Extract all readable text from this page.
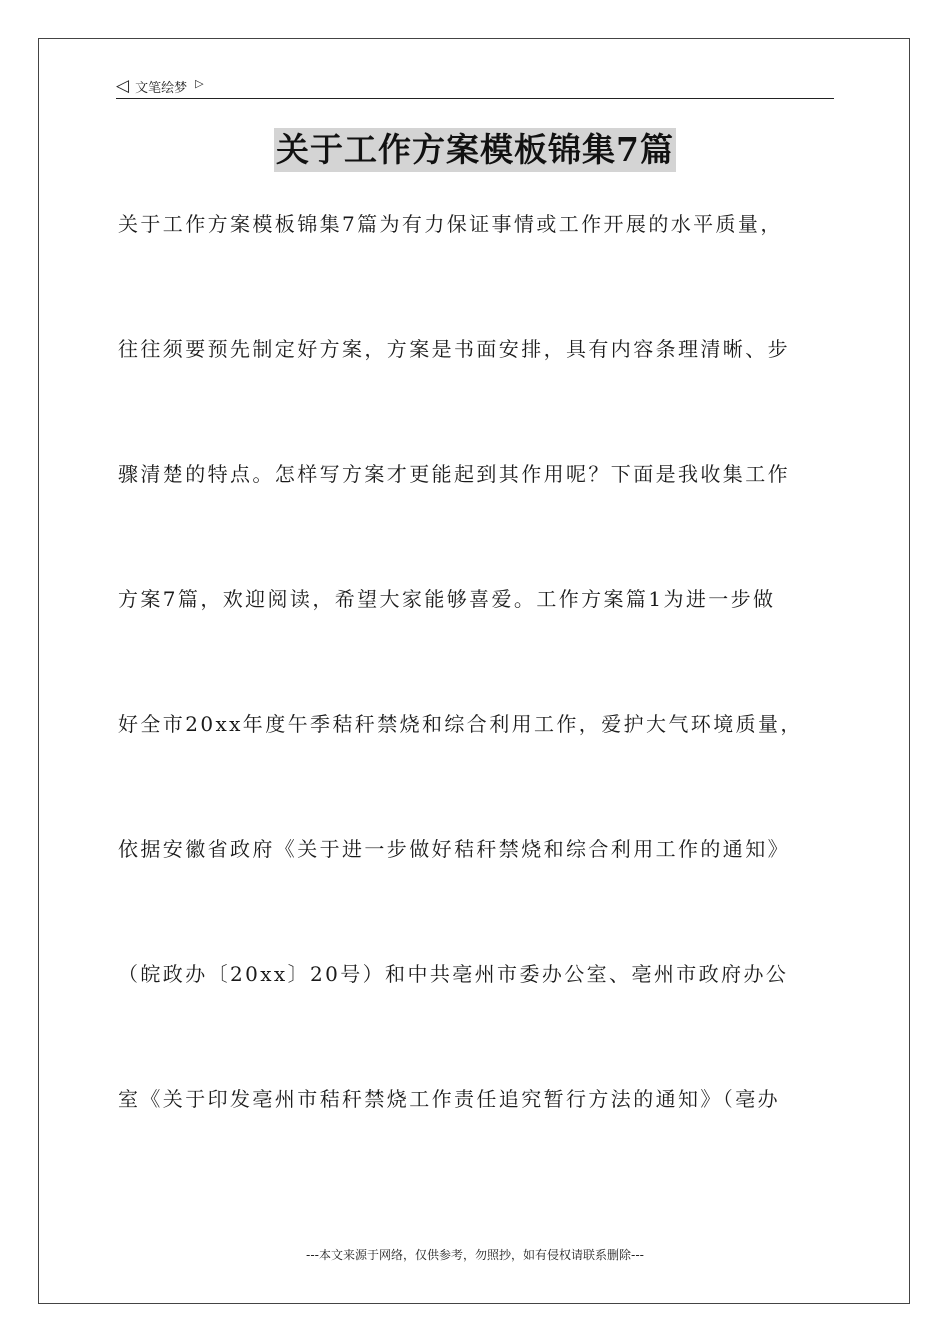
◁ 文笔绘梦 ▷
关于工作方案模板锦集7篇
关于工作方案模板锦集7篇为有力保证事情或工作开展的水平质量，
往往须要预先制定好方案，方案是书面安排，具有内容条理清晰、步
骤清楚的特点。怎样写方案才更能起到其作用呢？下面是我收集工作
方案7篇，欢迎阅读，希望大家能够喜爱。工作方案篇1为进一步做
好全市20xx年度午季秸秆禁烧和综合利用工作，爱护大气环境质量，
依据安徽省政府《关于进一步做好秸秆禁烧和综合利用工作的通知》
（皖政办〔20xx〕20号）和中共亳州市委办公室、亳州市政府办公
室《关于印发亳州市秸秆禁烧工作责任追究暂行方法的通知》（亳办
---本文来源于网络，仅供参考，勿照抄，如有侵权请联系删除---
